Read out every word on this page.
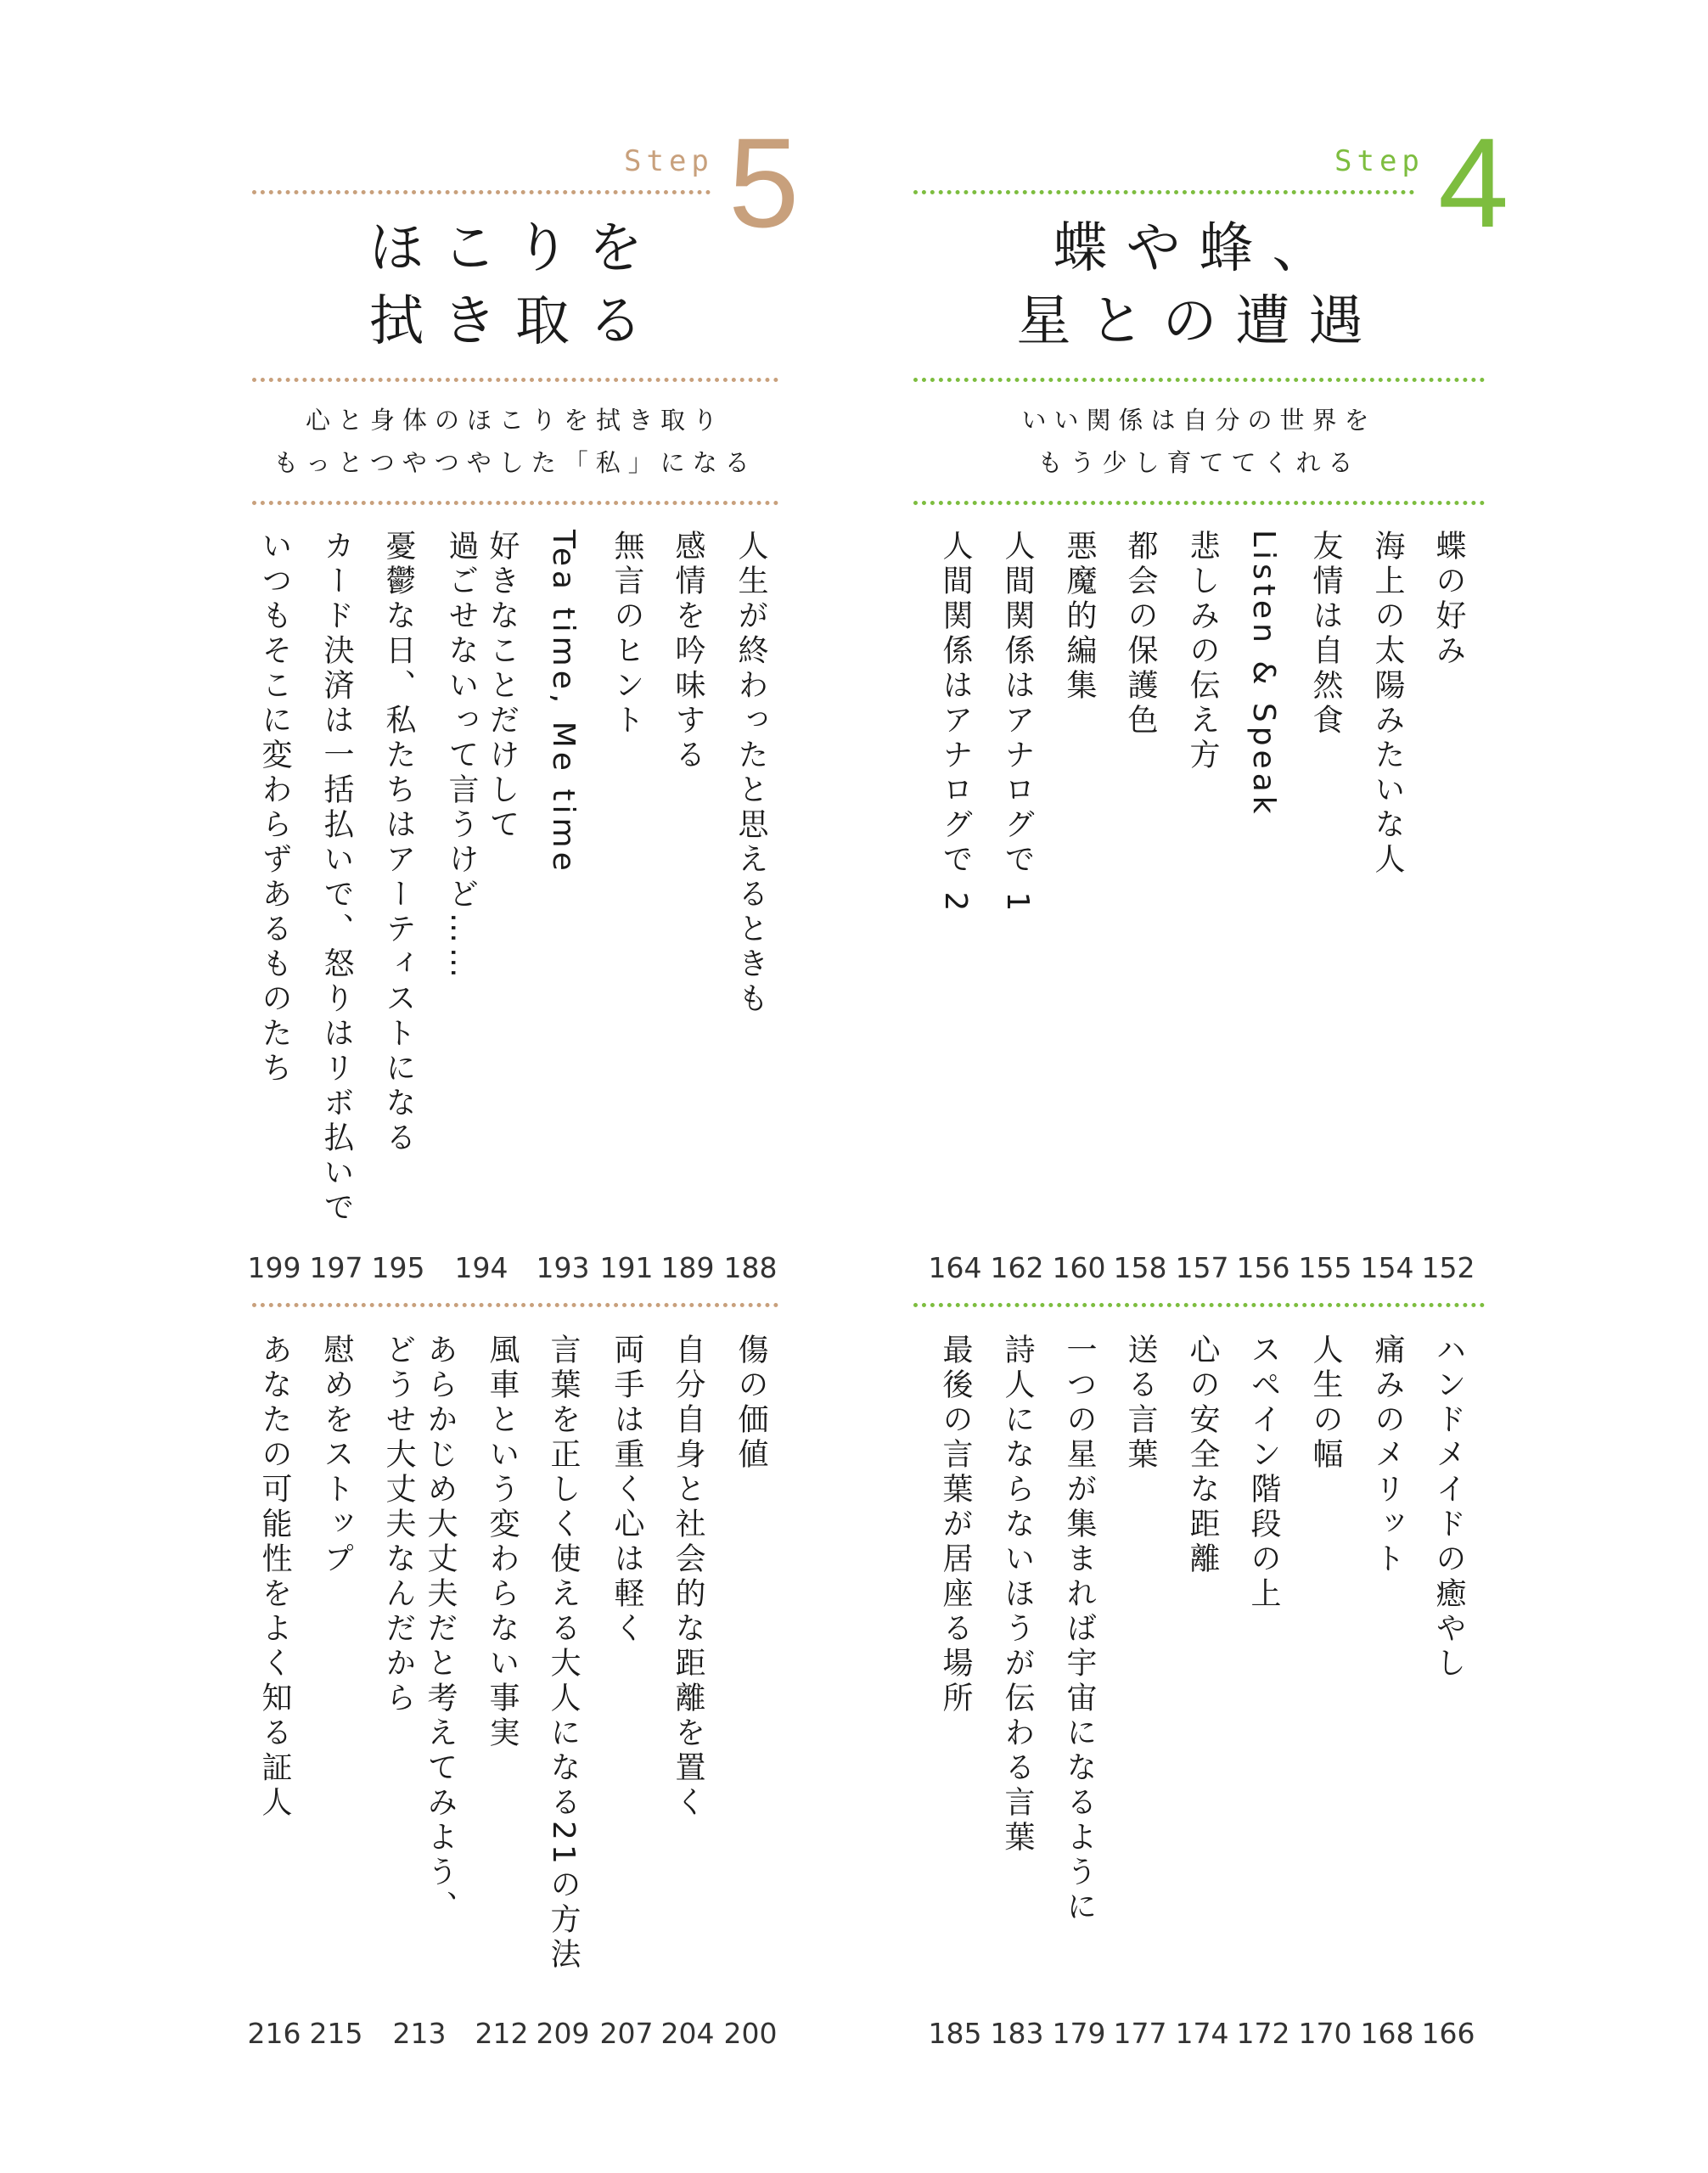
Step 5
ほこりを
拭き取る
心と身体のほこりを拭き取り
もっとつやつやした「私」になる
人生が終わったと思えるときも
感情を吟味する
無言のヒント
Tea time, Me time
好きなことだけして
過ごせないって言うけど……
憂鬱な日、私たちはアーティストになる
カード決済は一括払いで、怒りはリボ払いで
いつもそこに変わらずあるものたち
188
189
191
193
194
195
197
199
傷の価値
自分自身と社会的な距離を置く
両手は重く心は軽く
言葉を正しく使える大人になる21の方法
風車という変わらない事実
あらかじめ大丈夫だと考えてみよう、
どうせ大丈夫なんだから
慰めをストップ
あなたの可能性をよく知る証人
200
204
207
209
212
213
215
216
Step 4
蝶や蜂、
星との遭遇
いい関係は自分の世界を
もう少し育ててくれる
蝶の好み
海上の太陽みたいな人
友情は自然食
Listen & Speak
悲しみの伝え方
都会の保護色
悪魔的編集
人間関係はアナログで 1
人間関係はアナログで 2
152
154
155
156
157
158
160
162
164
ハンドメイドの癒やし
痛みのメリット
人生の幅
スペイン階段の上
心の安全な距離
送る言葉
一つの星が集まれば宇宙になるように
詩人にならないほうが伝わる言葉
最後の言葉が居座る場所
166
168
170
172
174
177
179
183
185
